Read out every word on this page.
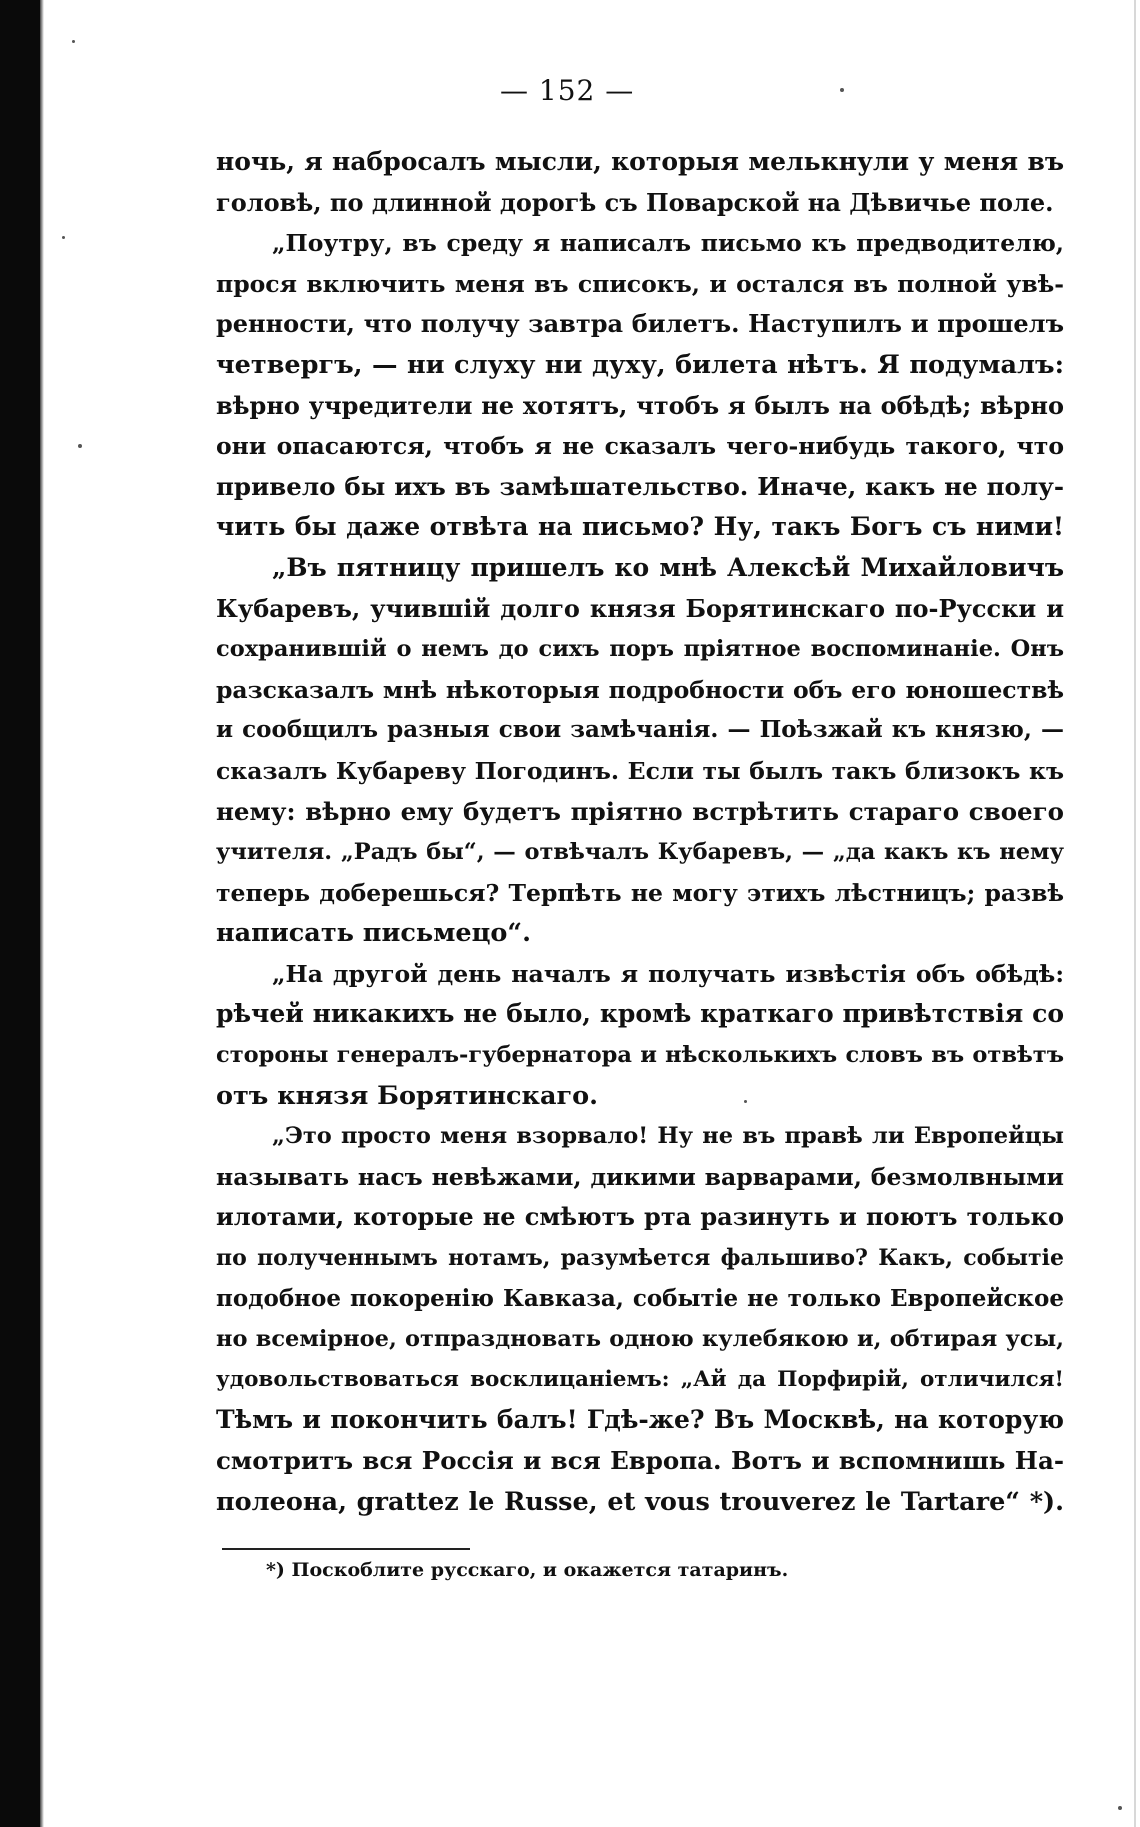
— 152 —

ночь, я набросалъ мысли, которыя мелькнули у меня въ
головѣ, по длинной дорогѣ съ Поварской на Дѣвичье поле.

„Поутру, въ среду я написалъ письмо къ предводителю,
прося включить меня въ списокъ, и остался въ полной увѣ-
ренности, что получу завтра билетъ. Наступилъ и прошелъ
четвергъ, — ни слуху ни духу, билета нѣтъ. Я подумалъ:
вѣрно учредители не хотятъ, чтобъ я былъ на обѣдѣ; вѣрно
они опасаются, чтобъ я не сказалъ чего-нибудь такого, что
привело бы ихъ въ замѣшательство. Иначе, какъ не полу-
чить бы даже отвѣта на письмо? Ну, такъ Богъ съ ними!

„Въ пятницу пришелъ ко мнѣ Алексѣй Михайловичъ
Кубаревъ, учившій долго князя Борятинскаго по-Русски и
сохранившій о немъ до сихъ поръ пріятное воспоминаніе. Онъ
разсказалъ мнѣ нѣкоторыя подробности объ его юношествѣ
и сообщилъ разныя свои замѣчанія. — Поѣзжай къ князю, —
сказалъ Кубареву Погодинъ. Если ты былъ такъ близокъ къ
нему: вѣрно ему будетъ пріятно встрѣтить стараго своего
учителя. „Радъ бы“, — отвѣчалъ Кубаревъ, — „да какъ къ нему
теперь доберешься? Терпѣть не могу этихъ лѣстницъ; развѣ
написать письмецо“.

„На другой день началъ я получать извѣстія объ обѣдѣ:
рѣчей никакихъ не было, кромѣ краткаго привѣтствія со
стороны генералъ-губернатора и нѣсколькихъ словъ въ отвѣтъ
отъ князя Борятинскаго.

„Это просто меня взорвало! Ну не въ правѣ ли Европейцы
называть насъ невѣжами, дикими варварами, безмолвными
илотами, которые не смѣютъ рта разинуть и поютъ только
по полученнымъ нотамъ, разумѣется фальшиво? Какъ, событіе
подобное покоренію Кавказа, событіе не только Европейское
но всемірное, отпраздновать одною кулебякою и, обтирая усы,
удовольствоваться восклицаніемъ: „Ай да Порфирій, отличился!
Тѣмъ и покончить балъ! Гдѣ-же? Въ Москвѣ, на которую
смотритъ вся Россія и вся Европа. Вотъ и вспомнишь На-
полеона, grattez le Russe, et vous trouverez le Tartare“ *).

*) Поскоблите русскаго, и окажется татаринъ.
